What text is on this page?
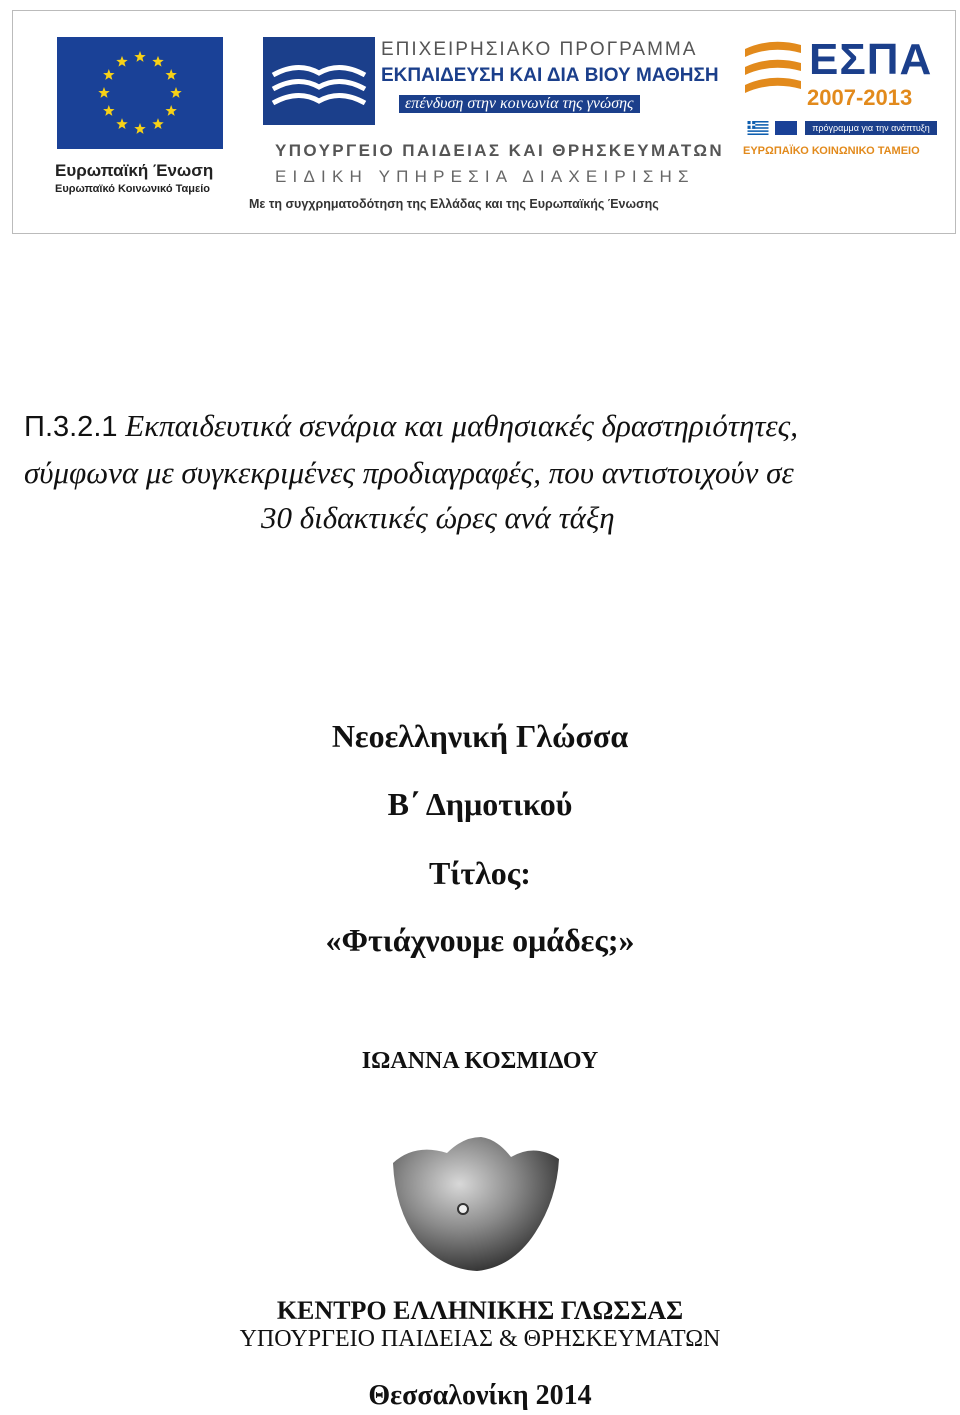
Ευρωπαϊκή Ένωση
Ευρωπαϊκό Κοινωνικό Ταμείο
ΕΠΙΧΕΙΡΗΣΙΑΚΟ ΠΡΟΓΡΑΜΜΑ
ΕΚΠΑΙΔΕΥΣΗ ΚΑΙ ΔΙΑ ΒΙΟΥ ΜΑΘΗΣΗ
επένδυση στην κοινωνία της γνώσης
ΥΠΟΥΡΓΕΙΟ ΠΑΙΔΕΙΑΣ ΚΑΙ ΘΡΗΣΚΕΥΜΑΤΩΝ
ΕΙΔΙΚΗ ΥΠΗΡΕΣΙΑ ΔΙΑΧΕΙΡΙΣΗΣ
Με τη συγχρηματοδότηση της Ελλάδας και της Ευρωπαϊκής Ένωσης
ΕΣΠΑ
2007-2013
πρόγραμμα για την ανάπτυξη
ΕΥΡΩΠΑΪΚΟ ΚΟΙΝΩΝΙΚΟ ΤΑΜΕΙΟ
Π.3.2.1 Εκπαιδευτικά σενάρια και μαθησιακές δραστηριότητες,
σύμφωνα με συγκεκριμένες προδιαγραφές, που αντιστοιχούν σε
30 διδακτικές ώρες ανά τάξη
Νεοελληνική Γλώσσα
Β΄ Δημοτικού
Τίτλος:
«Φτιάχνουμε ομάδες;»
ΙΩΑΝΝΑ ΚΟΣΜΙΔΟΥ
ΚΕΝΤΡΟ ΕΛΛΗΝΙΚΗΣ ΓΛΩΣΣΑΣ
ΥΠΟΥΡΓΕΙΟ ΠΑΙΔΕΙΑΣ & ΘΡΗΣΚΕΥΜΑΤΩΝ
Θεσσαλονίκη 2014
